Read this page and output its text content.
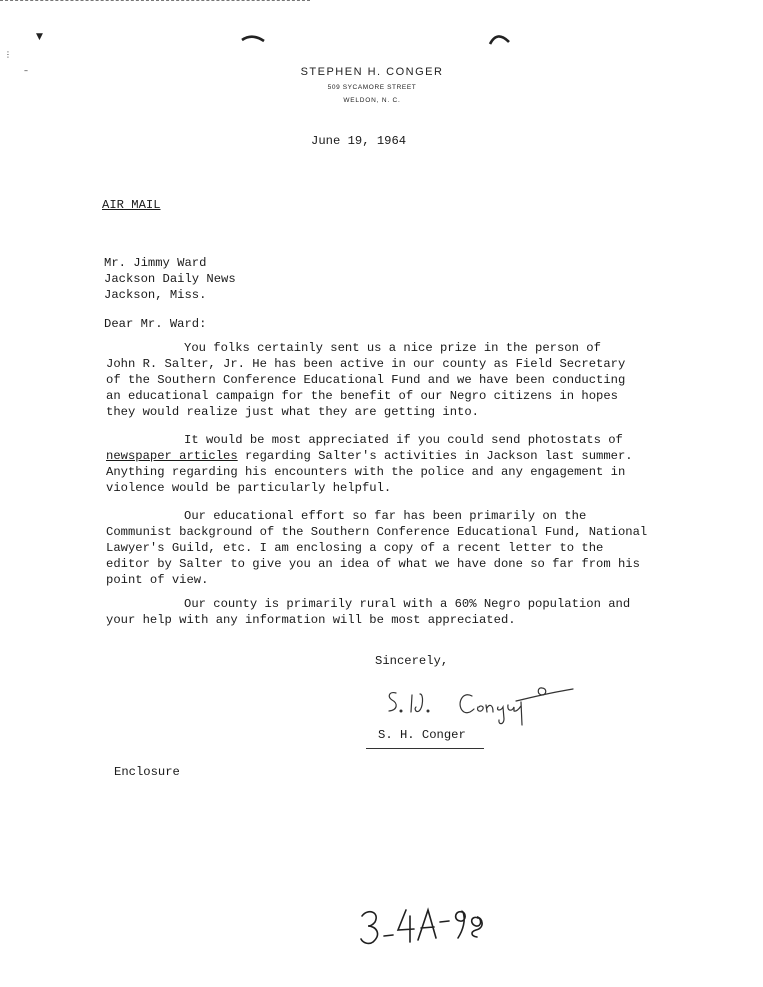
▼
⋮
–	STEPHEN H. CONGER
509 SYCAMORE STREET
WELDON, N. C.
June 19, 1964
AIR MAIL
Mr. Jimmy Ward
Jackson Daily News
Jackson, Miss.
Dear Mr. Ward:
You folks certainly sent us a nice prize in the person of
John R. Salter, Jr. He has been active in our county as Field Secretary
of the Southern Conference Educational Fund and we have been conducting
an educational campaign for the benefit of our Negro citizens in hopes
they would realize just what they are getting into.
It would be most appreciated if you could send photostats of
newspaper articles regarding Salter's activities in Jackson last summer.
Anything regarding his encounters with the police and any engagement in
violence would be particularly helpful.
Our educational effort so far has been primarily on the
Communist background of the Southern Conference Educational Fund, National
Lawyer's Guild, etc. I am enclosing a copy of a recent letter to the
editor by Salter to give you an idea of what we have done so far from his
point of view.
Our county is primarily rural with a 60% Negro population and
your help with any information will be most appreciated.
Sincerely,
S. H. Conger
Enclosure
